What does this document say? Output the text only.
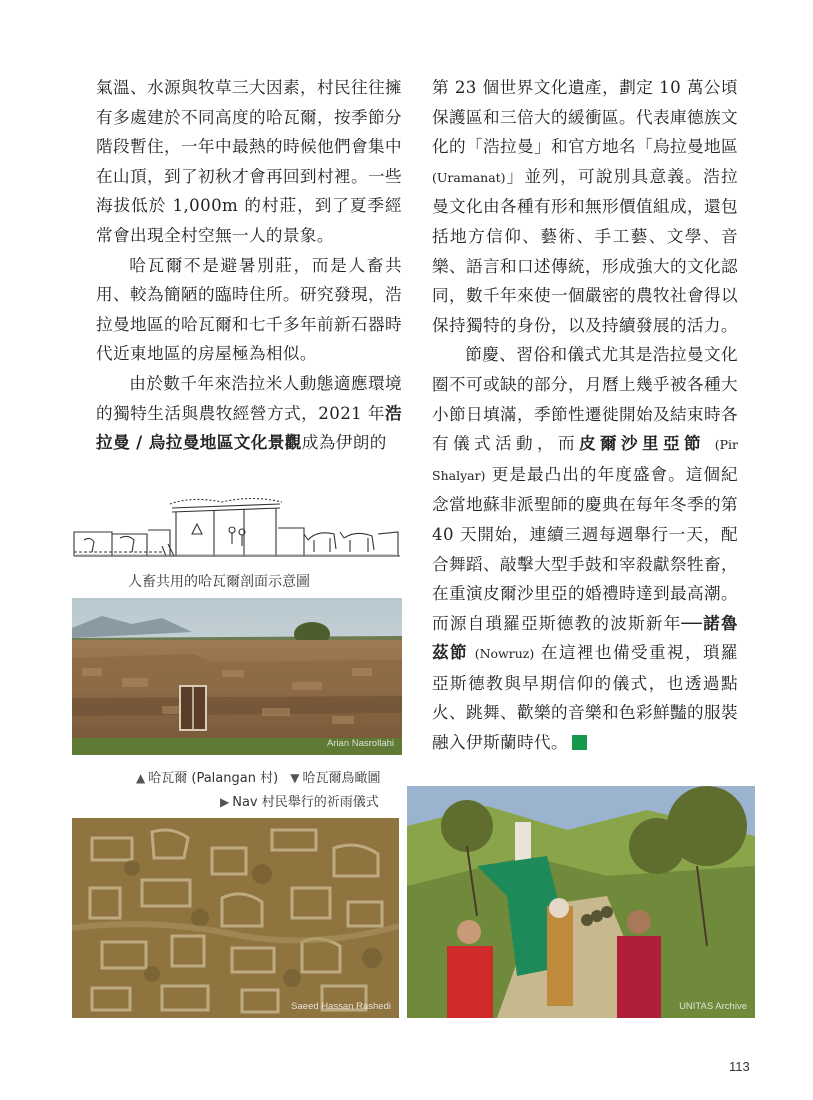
氣溫、水源與牧草三大因素，村民往往擁有多處建於不同高度的哈瓦爾，按季節分階段暫住，一年中最熱的時候他們會集中在山頂，到了初秋才會再回到村裡。一些海拔低於 1,000m 的村莊，到了夏季經常會出現全村空無一人的景象。

哈瓦爾不是避暑別莊，而是人畜共用、較為簡陋的臨時住所。研究發現，浩拉曼地區的哈瓦爾和七千多年前新石器時代近東地區的房屋極為相似。

由於數千年來浩拉米人動態適應環境的獨特生活與農牧經營方式，2021 年浩拉曼 / 烏拉曼地區文化景觀成為伊朗的

第 23 個世界文化遺產，劃定 10 萬公頃保護區和三倍大的緩衝區。代表庫德族文化的「浩拉曼」和官方地名「烏拉曼地區(Uramanat)」並列，可說別具意義。浩拉曼文化由各種有形和無形價值組成，還包括地方信仰、藝術、手工藝、文學、音樂、語言和口述傳統，形成強大的文化認同，數千年來使一個嚴密的農牧社會得以保持獨特的身份，以及持續發展的活力。

節慶、習俗和儀式尤其是浩拉曼文化圈不可或缺的部分，月曆上幾乎被各種大小節日填滿，季節性遷徙開始及結束時各有儀式活動，而皮爾沙里亞節 (Pir Shalyar) 更是最凸出的年度盛會。這個紀念當地蘇非派聖師的慶典在每年冬季的第 40 天開始，連續三週每週舉行一天，配合舞蹈、敲擊大型手鼓和宰殺獻祭牲畜，在重演皮爾沙里亞的婚禮時達到最高潮。而源自瑣羅亞斯德教的波斯新年──諾魯茲節 (Nowruz) 在這裡也備受重視，瑣羅亞斯德教與早期信仰的儀式，也透過點火、跳舞、歡樂的音樂和色彩鮮豔的服裝融入伊斯蘭時代。

人畜共用的哈瓦爾剖面示意圖
Arian Nasrollahi
▲ 哈瓦爾 (Palangan 村) ▼ 哈瓦爾鳥瞰圖
▶ Nav 村民舉行的祈雨儀式
Saeed Hassan Rashedi	UNITAS Archive
113
